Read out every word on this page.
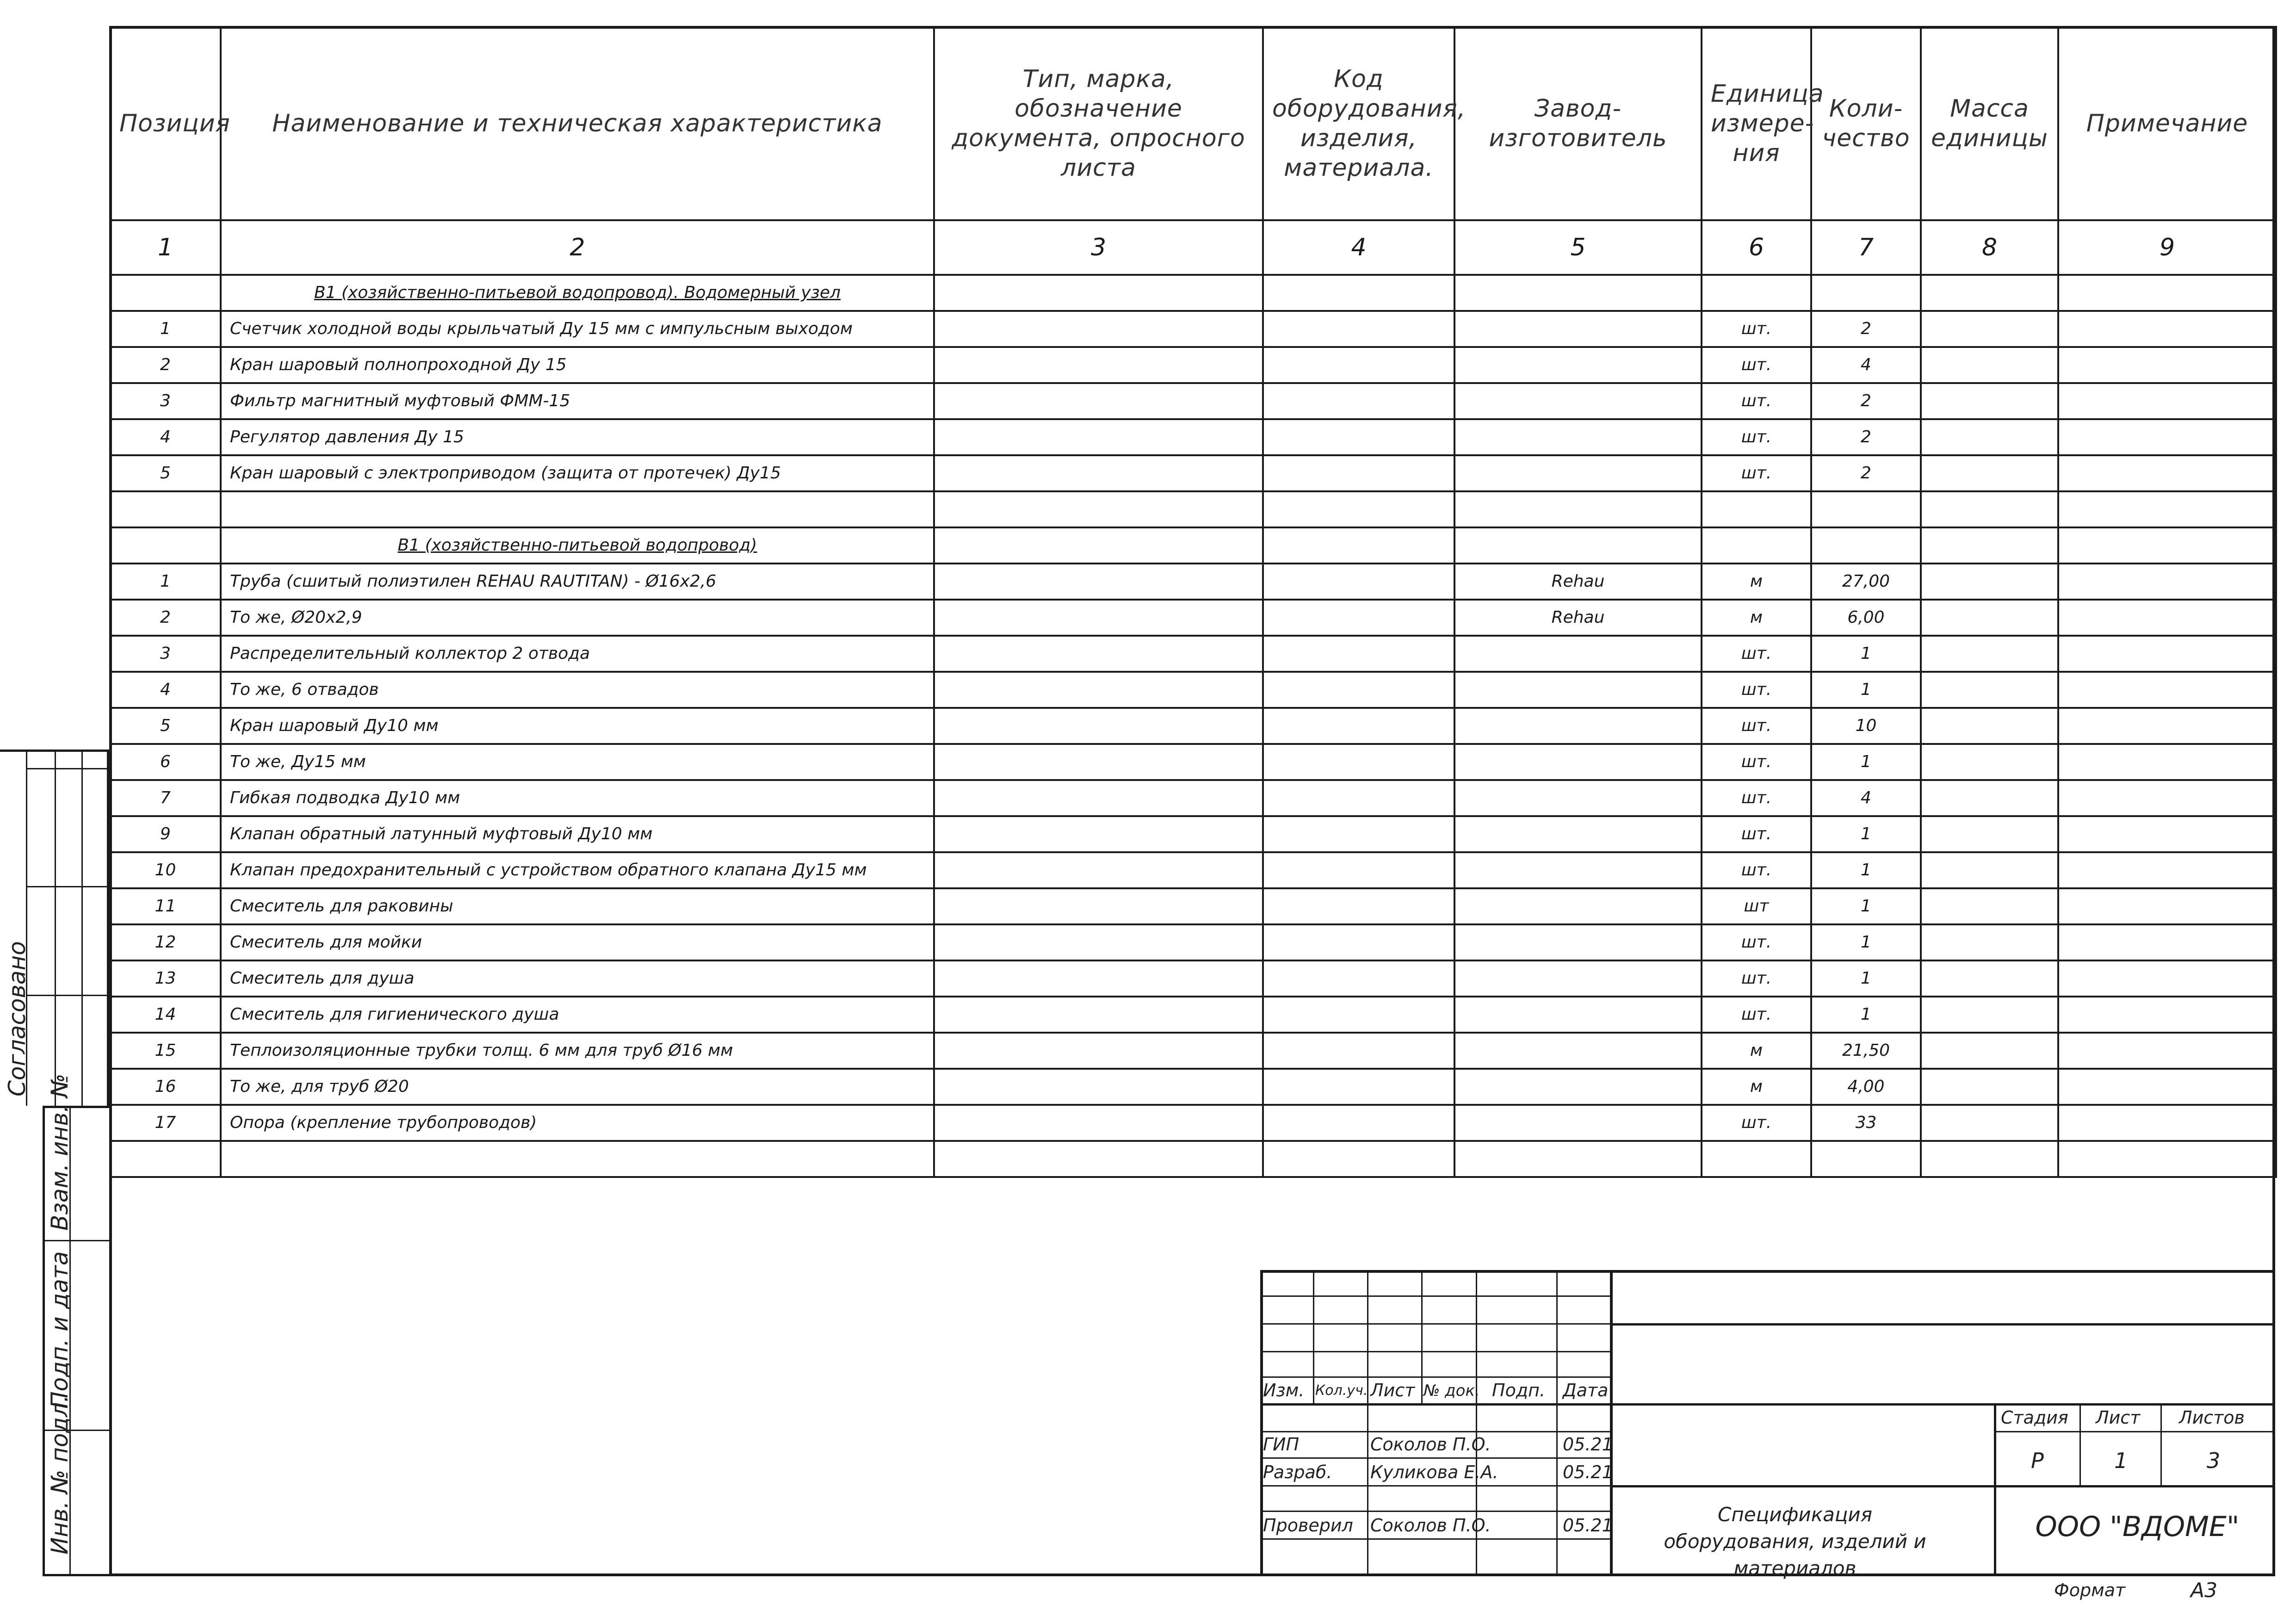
Позиция	Наименование и техническая характеристика	Тип, марка, обозначение документа, опросного листа	Код оборудования, изделия, материала.	Завод-изготовитель	Единица измере-ния	Коли-чество	Масса единицы	Примечание
1	2	3	4	5	6	7	8	9
	В1 (хозяйственно-питьевой водопровод). Водомерный узел							
1	Счетчик холодной воды крыльчатый Ду 15 мм с импульсным выходом				шт.	2		
2	Кран шаровый полнопроходной Ду 15				шт.	4		
3	Фильтр магнитный муфтовый ФММ-15				шт.	2		
4	Регулятор давления Ду 15				шт.	2		
5	Кран шаровый с электроприводом (защита от протечек) Ду15				шт.	2		

	В1 (хозяйственно-питьевой водопровод)							
1	Труба (сшитый полиэтилен REHAU RAUTITAN) - Ø16х2,6			Rehau	м	27,00		
2	То же, Ø20х2,9			Rehau	м	6,00		
3	Распределительный коллектор 2 отвода				шт.	1		
4	То же, 6 отвадов				шт.	1		
5	Кран шаровый Ду10 мм				шт.	10		
6	То же, Ду15 мм				шт.	1		
7	Гибкая подводка Ду10 мм				шт.	4		
9	Клапан обратный латунный муфтовый Ду10 мм				шт.	1		
10	Клапан предохранительный с устройством обратного клапана Ду15 мм				шт.	1		
11	Смеситель для раковины				шт	1		
12	Смеситель для мойки				шт.	1		
13	Смеситель для душа				шт.	1		
14	Смеситель для гигиенического душа				шт.	1		
15	Теплоизоляционные трубки толщ. 6 мм для труб Ø16 мм				м	21,50		
16	То же, для труб Ø20				м	4,00		
17	Опора (крепление трубопроводов)				шт.	33		

Согласовано
Взам. инв. №
Подп. и дата
Инв. № подл.
Изм. Кол.уч. Лист № док. Подп. Дата
ГИП	Соколов П.О.	05.21
Разраб. Куликова Е.А.	05.21
Проверил Соколов П.О.	05.21
Стадия Лист Листов
Р	1	3
Спецификация оборудования, изделий и материалов
ООО "ВДОМЕ"
Формат	А3
